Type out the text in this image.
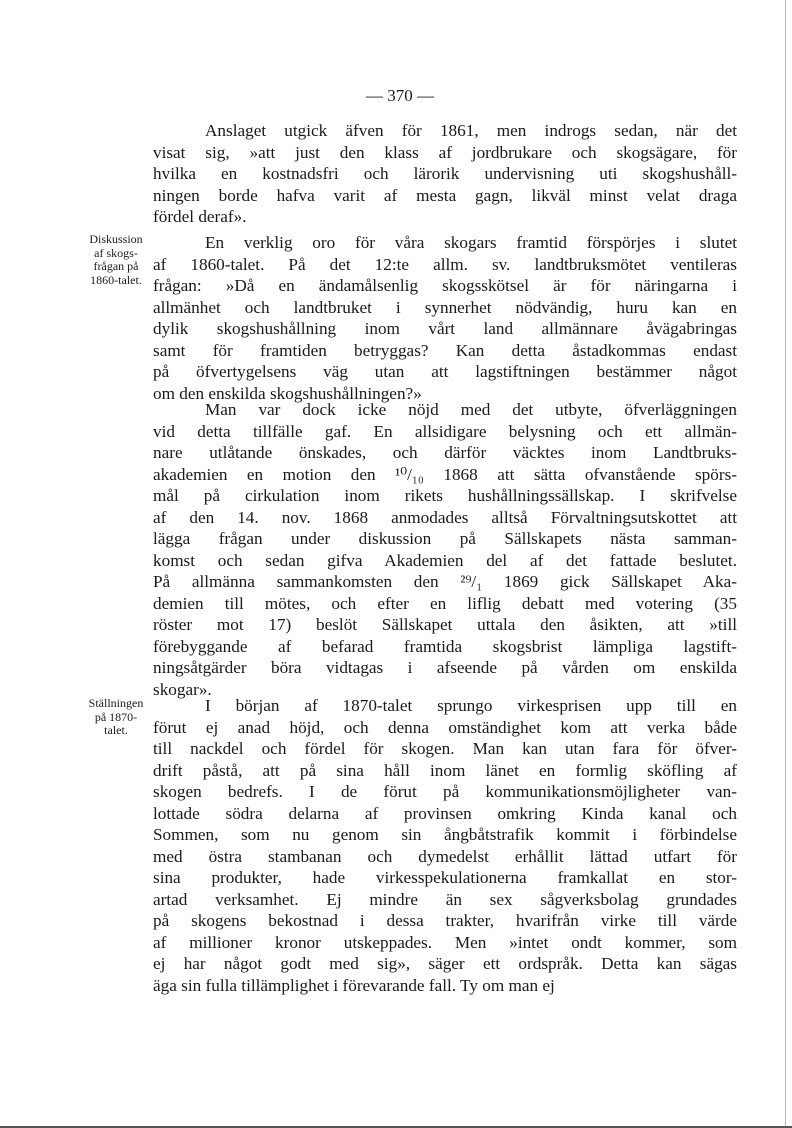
— 370 —
Anslaget utgick äfven för 1861, men indrogs sedan, när det
visat sig, »att just den klass af jordbrukare och skogsägare, för
hvilka en kostnadsfri och lärorik undervisning uti skogshushåll-
ningen borde hafva varit af mesta gagn, likväl minst velat draga
fördel deraf».
En verklig oro för våra skogars framtid förspörjes i slutet
af 1860-talet. På det 12:te allm. sv. landtbruksmötet ventileras
frågan: »Då en ändamålsenlig skogsskötsel är för näringarna i
allmänhet och landtbruket i synnerhet nödvändig, huru kan en
dylik skogshushållning inom vårt land allmännare åvägabringas
samt för framtiden betryggas? Kan detta åstadkommas endast
på öfvertygelsens väg utan att lagstiftningen bestämmer något
om den enskilda skogshushållningen?»
Man var dock icke nöjd med det utbyte, öfverläggningen
vid detta tillfälle gaf. En allsidigare belysning och ett allmän-
nare utlåtande önskades, och därför väcktes inom Landtbruks-
akademien en motion den ¹⁰/₁₀ 1868 att sätta ofvanstående spörs-
mål på cirkulation inom rikets hushållningssällskap. I skrifvelse
af den 14. nov. 1868 anmodades alltså Förvaltningsutskottet att
lägga frågan under diskussion på Sällskapets nästa samman-
komst och sedan gifva Akademien del af det fattade beslutet.
På allmänna sammankomsten den ²⁹/₁ 1869 gick Sällskapet Aka-
demien till mötes, och efter en liflig debatt med votering (35
röster mot 17) beslöt Sällskapet uttala den åsikten, att »till
förebyggande af befarad framtida skogsbrist lämpliga lagstift-
ningsåtgärder böra vidtagas i afseende på vården om enskilda
skogar».
I början af 1870-talet sprungo virkesprisen upp till en
förut ej anad höjd, och denna omständighet kom att verka både
till nackdel och fördel för skogen. Man kan utan fara för öfver-
drift påstå, att på sina håll inom länet en formlig sköfling af
skogen bedrefs. I de förut på kommunikationsmöjligheter van-
lottade södra delarna af provinsen omkring Kinda kanal och
Sommen, som nu genom sin ångbåtstrafik kommit i förbindelse
med östra stambanan och dymedelst erhållit lättad utfart för
sina produkter, hade virkesspekulationerna framkallat en stor-
artad verksamhet. Ej mindre än sex sågverksbolag grundades
på skogens bekostnad i dessa trakter, hvarifrån virke till värde
af millioner kronor utskeppades. Men »intet ondt kommer, som
ej har något godt med sig», säger ett ordspråk. Detta kan sägas
äga sin fulla tillämplighet i förevarande fall. Ty om man ej
Diskussion
af skogs-
frågan på
1860-talet.
Ställningen
på 1870-
talet.
